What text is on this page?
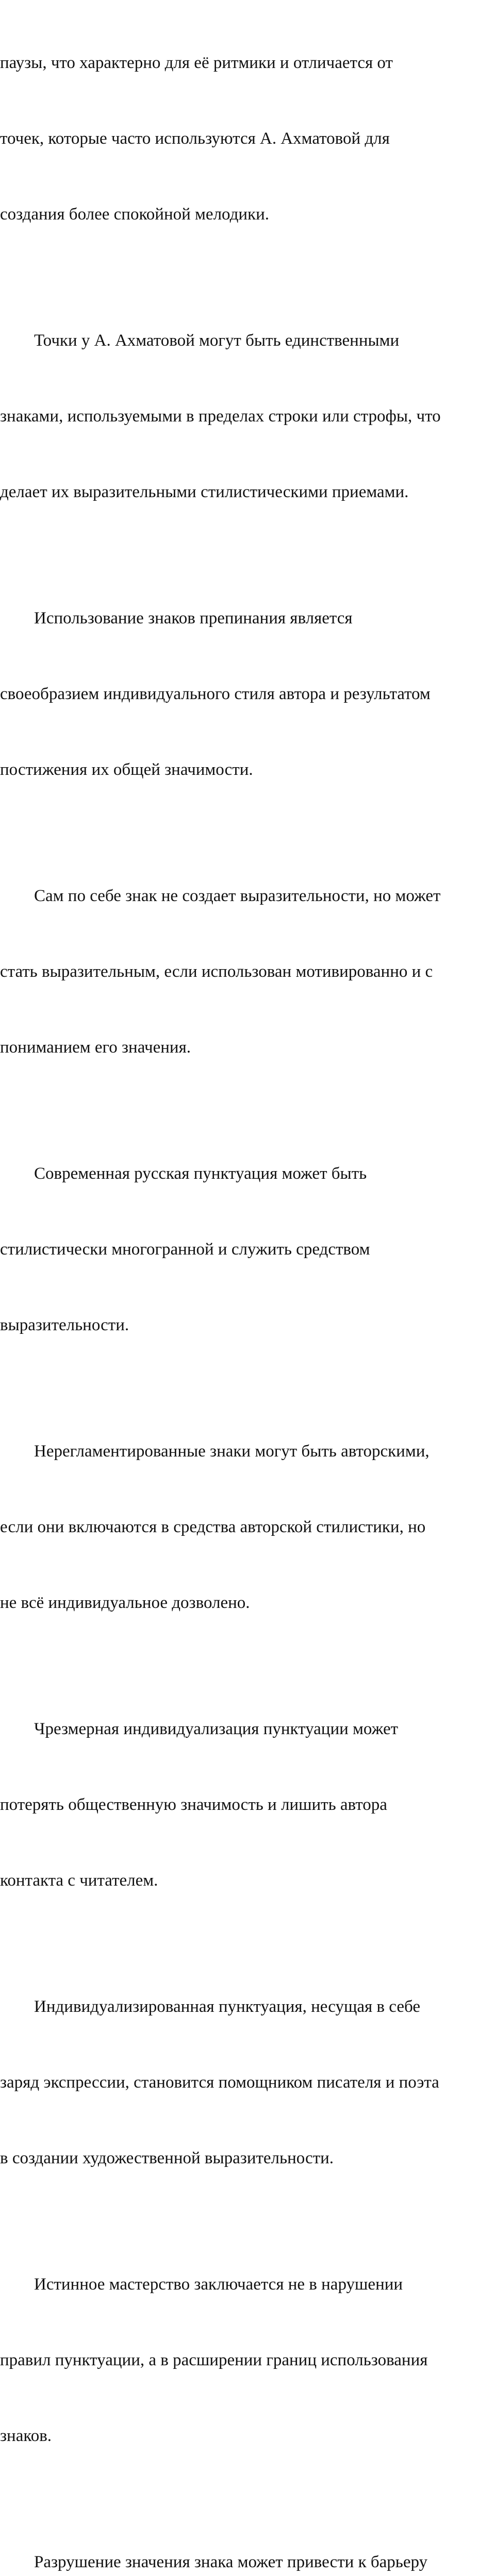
паузы, что характерно для её ритмики и отличается от

точек, которые часто используются А. Ахматовой для

создания более спокойной мелодики.

Точки у А. Ахматовой могут быть единственными

знаками, используемыми в пределах строки или строфы, что

делает их выразительными стилистическими приемами.

Использование знаков препинания является

своеобразием индивидуального стиля автора и результатом

постижения их общей значимости.

Сам по себе знак не создает выразительности, но может

стать выразительным, если использован мотивированно и с

пониманием его значения.

Современная русская пунктуация может быть

стилистически многогранной и служить средством

выразительности.

Нерегламентированные знаки могут быть авторскими,

если они включаются в средства авторской стилистики, но

не всё индивидуальное дозволено.

Чрезмерная индивидуализация пунктуации может

потерять общественную значимость и лишить автора

контакта с читателем.

Индивидуализированная пунктуация, несущая в себе

заряд экспрессии, становится помощником писателя и поэта

в создании художественной выразительности.

Истинное мастерство заключается не в нарушении

правил пунктуации, а в расширении границ использования

знаков.

Разрушение значения знака может привести к барьеру
